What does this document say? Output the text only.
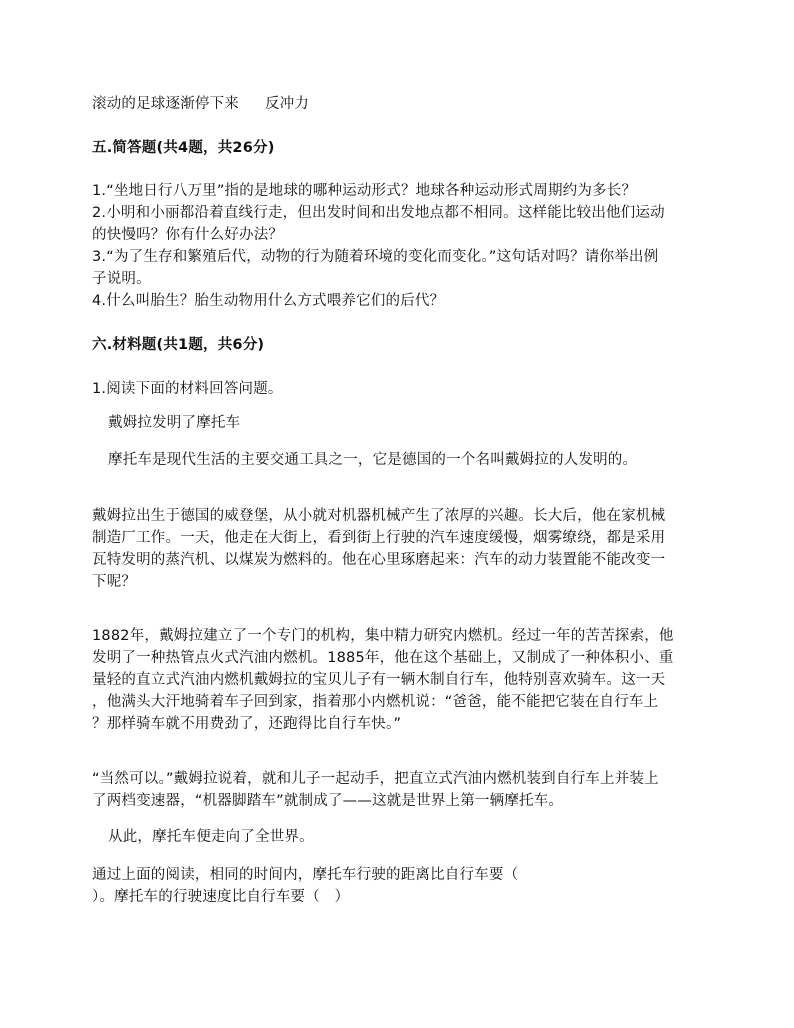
滚动的足球逐渐停下来 反冲力
五.简答题(共4题，共26分)
1.“坐地日行八万里”指的是地球的哪种运动形式？地球各种运动形式周期约为多长？
2.小明和小丽都沿着直线行走，但出发时间和出发地点都不相同。这样能比较出他们运动
的快慢吗？你有什么好办法？
3.“为了生存和繁殖后代，动物的行为随着环境的变化而变化。”这句话对吗？请你举出例
子说明。
4.什么叫胎生？胎生动物用什么方式喂养它们的后代？
六.材料题(共1题，共6分)
1.阅读下面的材料回答问题。
戴姆拉发明了摩托车
摩托车是现代生活的主要交通工具之一，它是德国的一个名叫戴姆拉的人发明的。
戴姆拉出生于德国的威登堡，从小就对机器机械产生了浓厚的兴趣。长大后，他在家机械
制造厂工作。一天，他走在大街上，看到街上行驶的汽车速度缓慢，烟雾缭绕，都是采用
瓦特发明的蒸汽机、以煤炭为燃料的。他在心里琢磨起来：汽车的动力装置能不能改变一
下呢？
1882年，戴姆拉建立了一个专门的机构，集中精力研究内燃机。经过一年的苦苦探索，他
发明了一种热管点火式汽油内燃机。1885年，他在这个基础上，又制成了一种体积小、重
量轻的直立式汽油内燃机戴姆拉的宝贝儿子有一辆木制自行车，他特别喜欢骑车。这一天
，他满头大汗地骑着车子回到家，指着那小内燃机说：“爸爸，能不能把它装在自行车上
？那样骑车就不用费劲了，还跑得比自行车快。”
“当然可以。”戴姆拉说着，就和儿子一起动手，把直立式汽油内燃机装到自行车上并装上
了两档变速器，“机器脚踏车”就制成了——这就是世界上第一辆摩托车。
从此，摩托车便走向了全世界。
通过上面的阅读，相同的时间内，摩托车行驶的距离比自行车要（
）。摩托车的行驶速度比自行车要（　）
